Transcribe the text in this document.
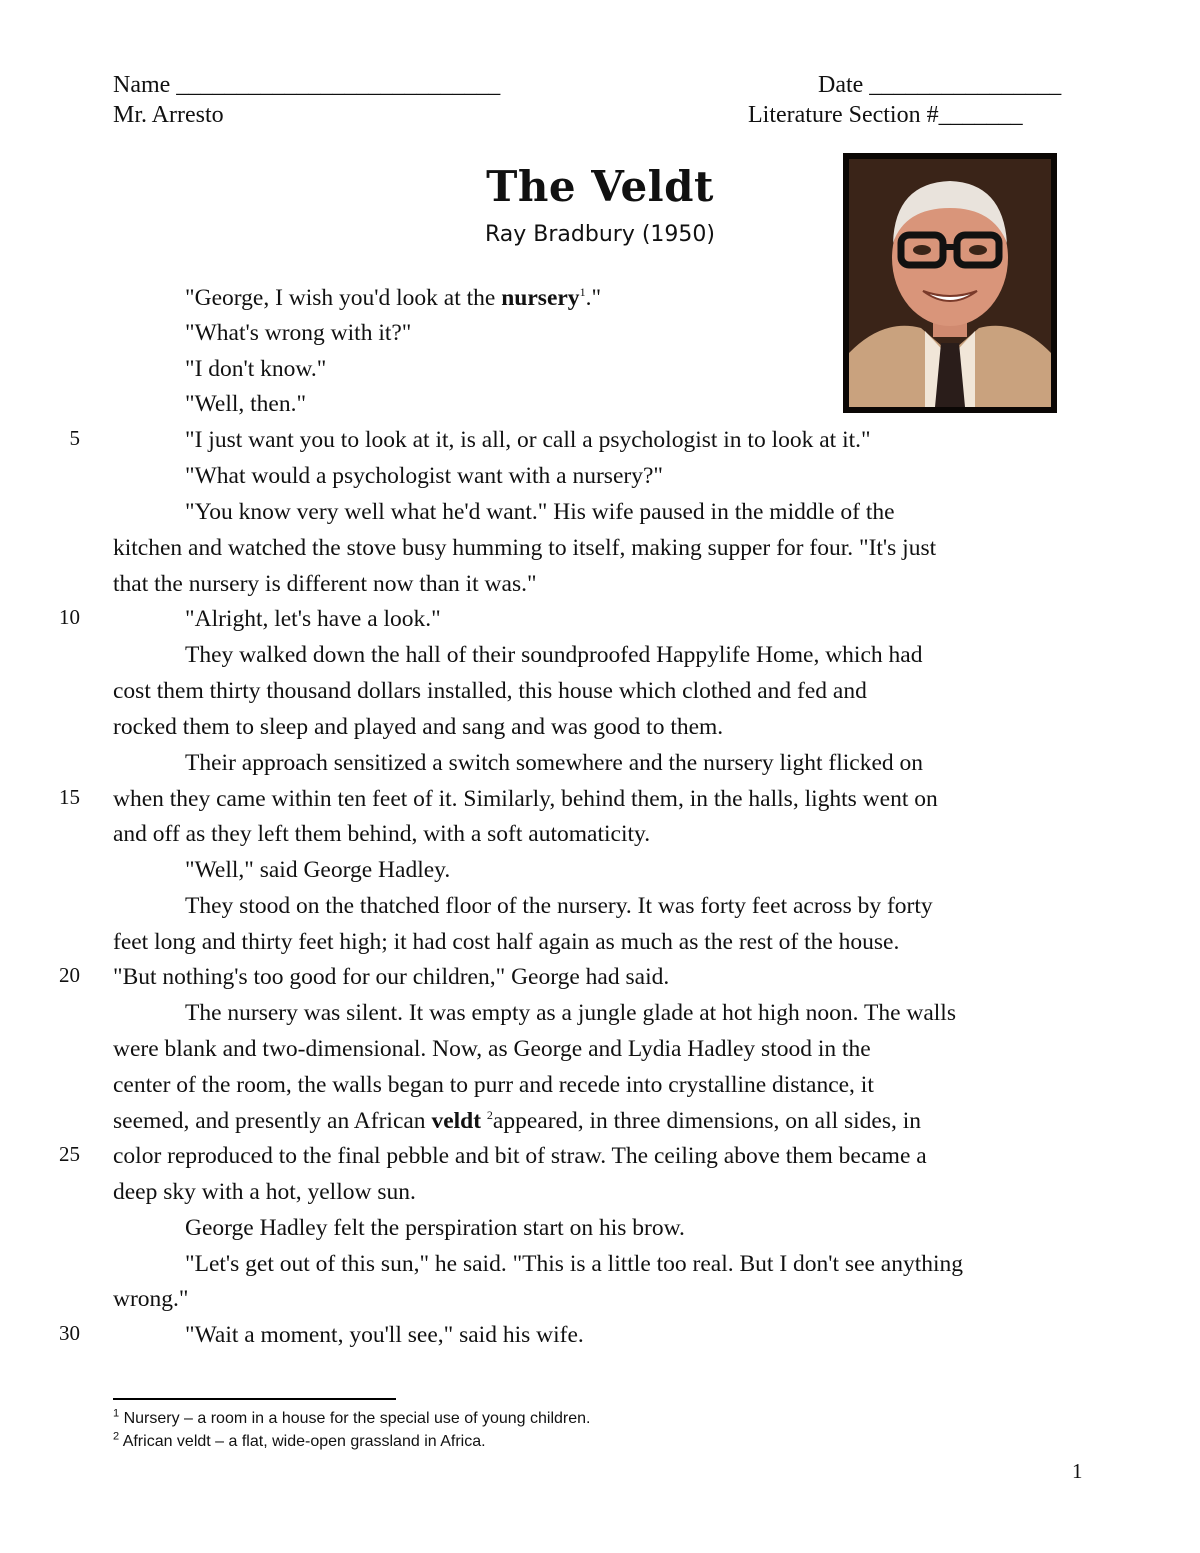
Name ___________________________	Date ________________
Mr. Arresto	Literature Section #_______
The Veldt
Ray Bradbury (1950)
5
10
15
20
25
30
"George, I wish you'd look at the nursery$^1$."
"What's wrong with it?"
"I don't know."
"Well, then."
"I just want you to look at it, is all, or call a psychologist in to look at it."
"What would a psychologist want with a nursery?"
"You know very well what he'd want." His wife paused in the middle of the
kitchen and watched the stove busy humming to itself, making supper for four. "It's just
that the nursery is different now than it was."
"Alright, let's have a look."
They walked down the hall of their soundproofed Happylife Home, which had
cost them thirty thousand dollars installed, this house which clothed and fed and
rocked them to sleep and played and sang and was good to them.
Their approach sensitized a switch somewhere and the nursery light flicked on
when they came within ten feet of it. Similarly, behind them, in the halls, lights went on
and off as they left them behind, with a soft automaticity.
"Well," said George Hadley.
They stood on the thatched floor of the nursery. It was forty feet across by forty
feet long and thirty feet high; it had cost half again as much as the rest of the house.
"But nothing's too good for our children," George had said.
The nursery was silent. It was empty as a jungle glade at hot high noon. The walls
were blank and two-dimensional. Now, as George and Lydia Hadley stood in the
center of the room, the walls began to purr and recede into crystalline distance, it
seemed, and presently an African veldt $^2$appeared, in three dimensions, on all sides, in
color reproduced to the final pebble and bit of straw. The ceiling above them became a
deep sky with a hot, yellow sun.
George Hadley felt the perspiration start on his brow.
"Let's get out of this sun," he said. "This is a little too real. But I don't see anything
wrong."
"Wait a moment, you'll see," said his wife.
$^1$ Nursery – a room in a house for the special use of young children.
$^2$ African veldt – a flat, wide-open grassland in Africa.
1
